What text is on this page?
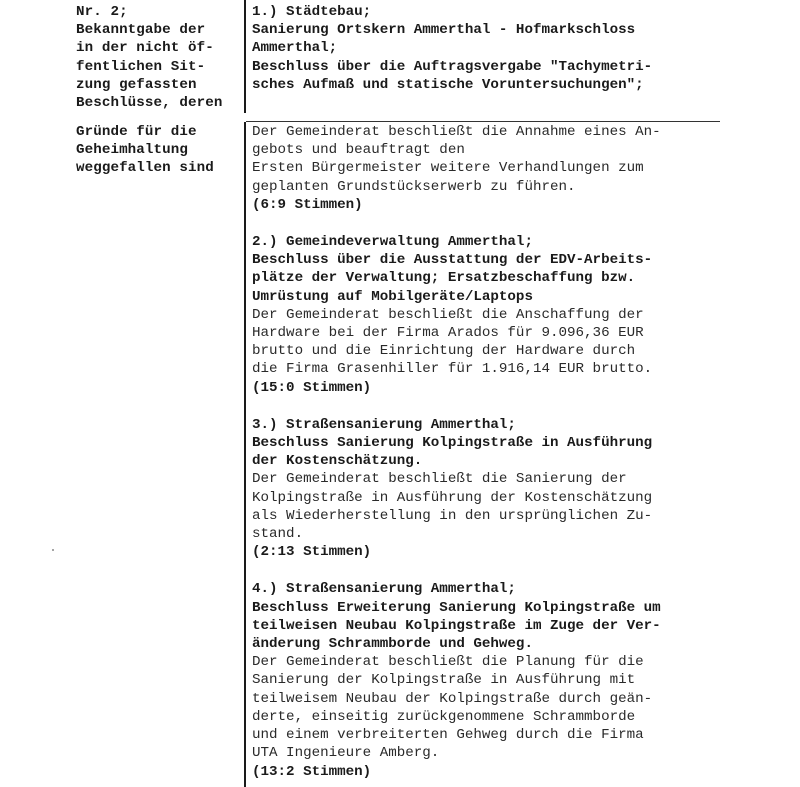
Nr. 2;
Bekanntgabe der
in der nicht öf-
fentlichen Sit-
zung gefassten
Beschlüsse, deren
Gründe für die
Geheimhaltung
weggefallen sind
1.) Städtebau;
Sanierung Ortskern Ammerthal - Hofmarkschloss
Ammerthal;
Beschluss über die Auftragsvergabe "Tachymetri-
sches Aufmaß und statische Voruntersuchungen";
Der Gemeinderat beschließt die Annahme eines An-
gebots und beauftragt den
Ersten Bürgermeister weitere Verhandlungen zum
geplanten Grundstückserwerb zu führen.
(6:9 Stimmen)
2.) Gemeindeverwaltung Ammerthal;
Beschluss über die Ausstattung der EDV-Arbeits-
plätze der Verwaltung; Ersatzbeschaffung bzw.
Umrüstung auf Mobilgeräte/Laptops
Der Gemeinderat beschließt die Anschaffung der
Hardware bei der Firma Arados für 9.096,36 EUR
brutto und die Einrichtung der Hardware durch
die Firma Grasenhiller für 1.916,14 EUR brutto.
(15:0 Stimmen)
3.) Straßensanierung Ammerthal;
Beschluss Sanierung Kolpingstraße in Ausführung
der Kostenschätzung.
Der Gemeinderat beschließt die Sanierung der
Kolpingstraße in Ausführung der Kostenschätzung
als Wiederherstellung in den ursprünglichen Zu-
stand.
(2:13 Stimmen)
4.) Straßensanierung Ammerthal;
Beschluss Erweiterung Sanierung Kolpingstraße um
teilweisen Neubau Kolpingstraße im Zuge der Ver-
änderung Schrammborde und Gehweg.
Der Gemeinderat beschließt die Planung für die
Sanierung der Kolpingstraße in Ausführung mit
teilweisem Neubau der Kolpingstraße durch geän-
derte, einseitig zurückgenommene Schrammborde
und einem verbreiterten Gehweg durch die Firma
UTA Ingenieure Amberg.
(13:2 Stimmen)
